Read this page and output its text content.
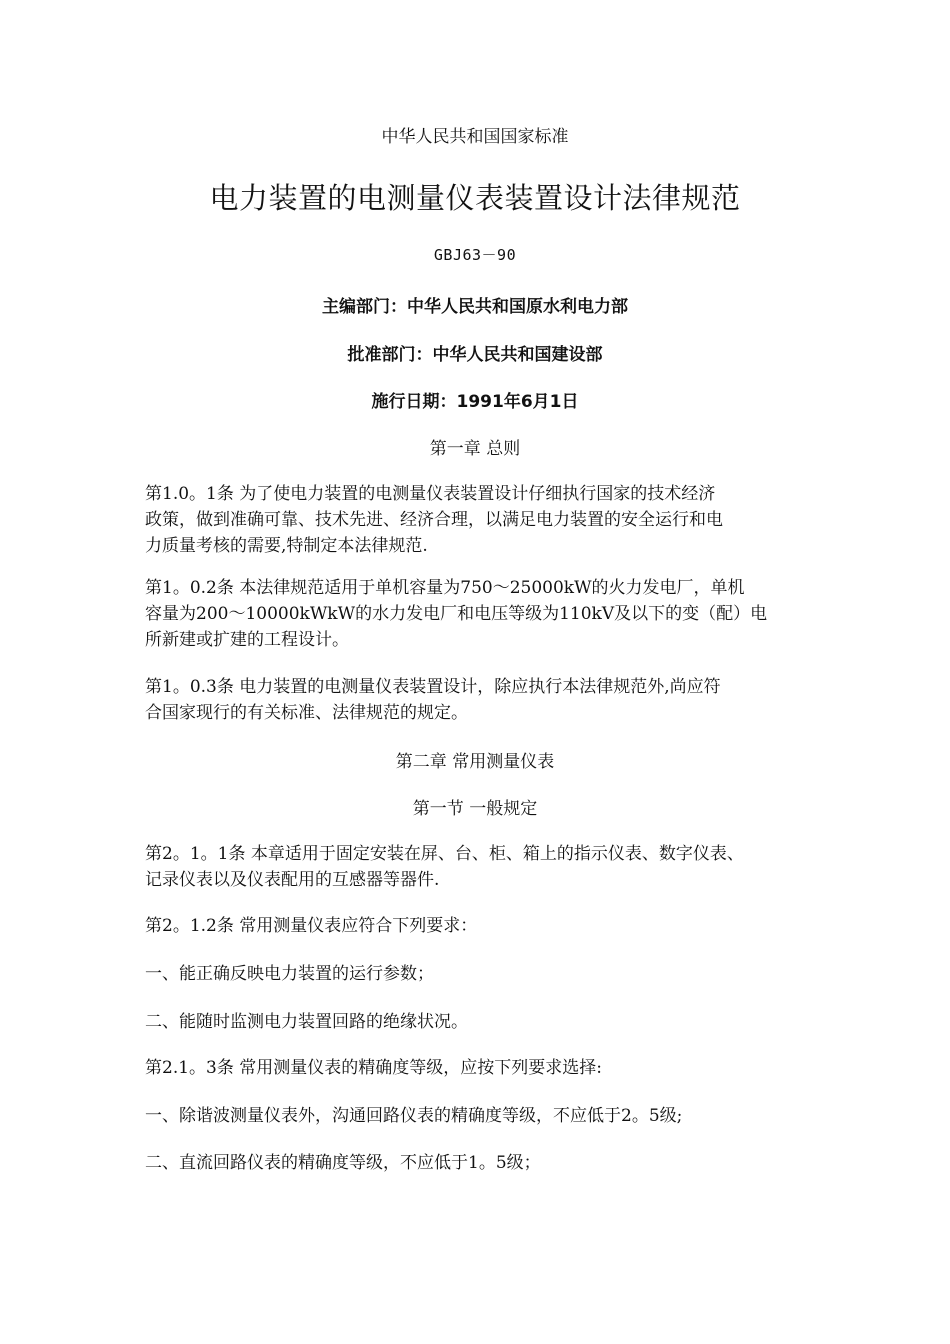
中华人民共和国国家标准
电力装置的电测量仪表装置设计法律规范
GBJ63－90
主编部门：中华人民共和国原水利电力部
批准部门：中华人民共和国建设部
施行日期：1991年6月1日
第一章 总则
第1.0。1条 为了使电力装置的电测量仪表装置设计仔细执行国家的技术经济
政策，做到准确可靠、技术先进、经济合理，以满足电力装置的安全运行和电
力质量考核的需要,特制定本法律规范.
第1。0.2条 本法律规范适用于单机容量为750～25000kW的火力发电厂，单机
容量为200～10000kWkW的水力发电厂和电压等级为110kV及以下的变（配）电
所新建或扩建的工程设计。
第1。0.3条 电力装置的电测量仪表装置设计，除应执行本法律规范外,尚应符
合国家现行的有关标准、法律规范的规定。
第二章 常用测量仪表
第一节 一般规定
第2。1。1条 本章适用于固定安装在屏、台、柜、箱上的指示仪表、数字仪表、
记录仪表以及仪表配用的互感器等器件.
第2。1.2条 常用测量仪表应符合下列要求：
一、能正确反映电力装置的运行参数；
二、能随时监测电力装置回路的绝缘状况。
第2.1。3条 常用测量仪表的精确度等级，应按下列要求选择:
一、除谐波测量仪表外，沟通回路仪表的精确度等级，不应低于2。5级;
二、直流回路仪表的精确度等级，不应低于1。5级；
